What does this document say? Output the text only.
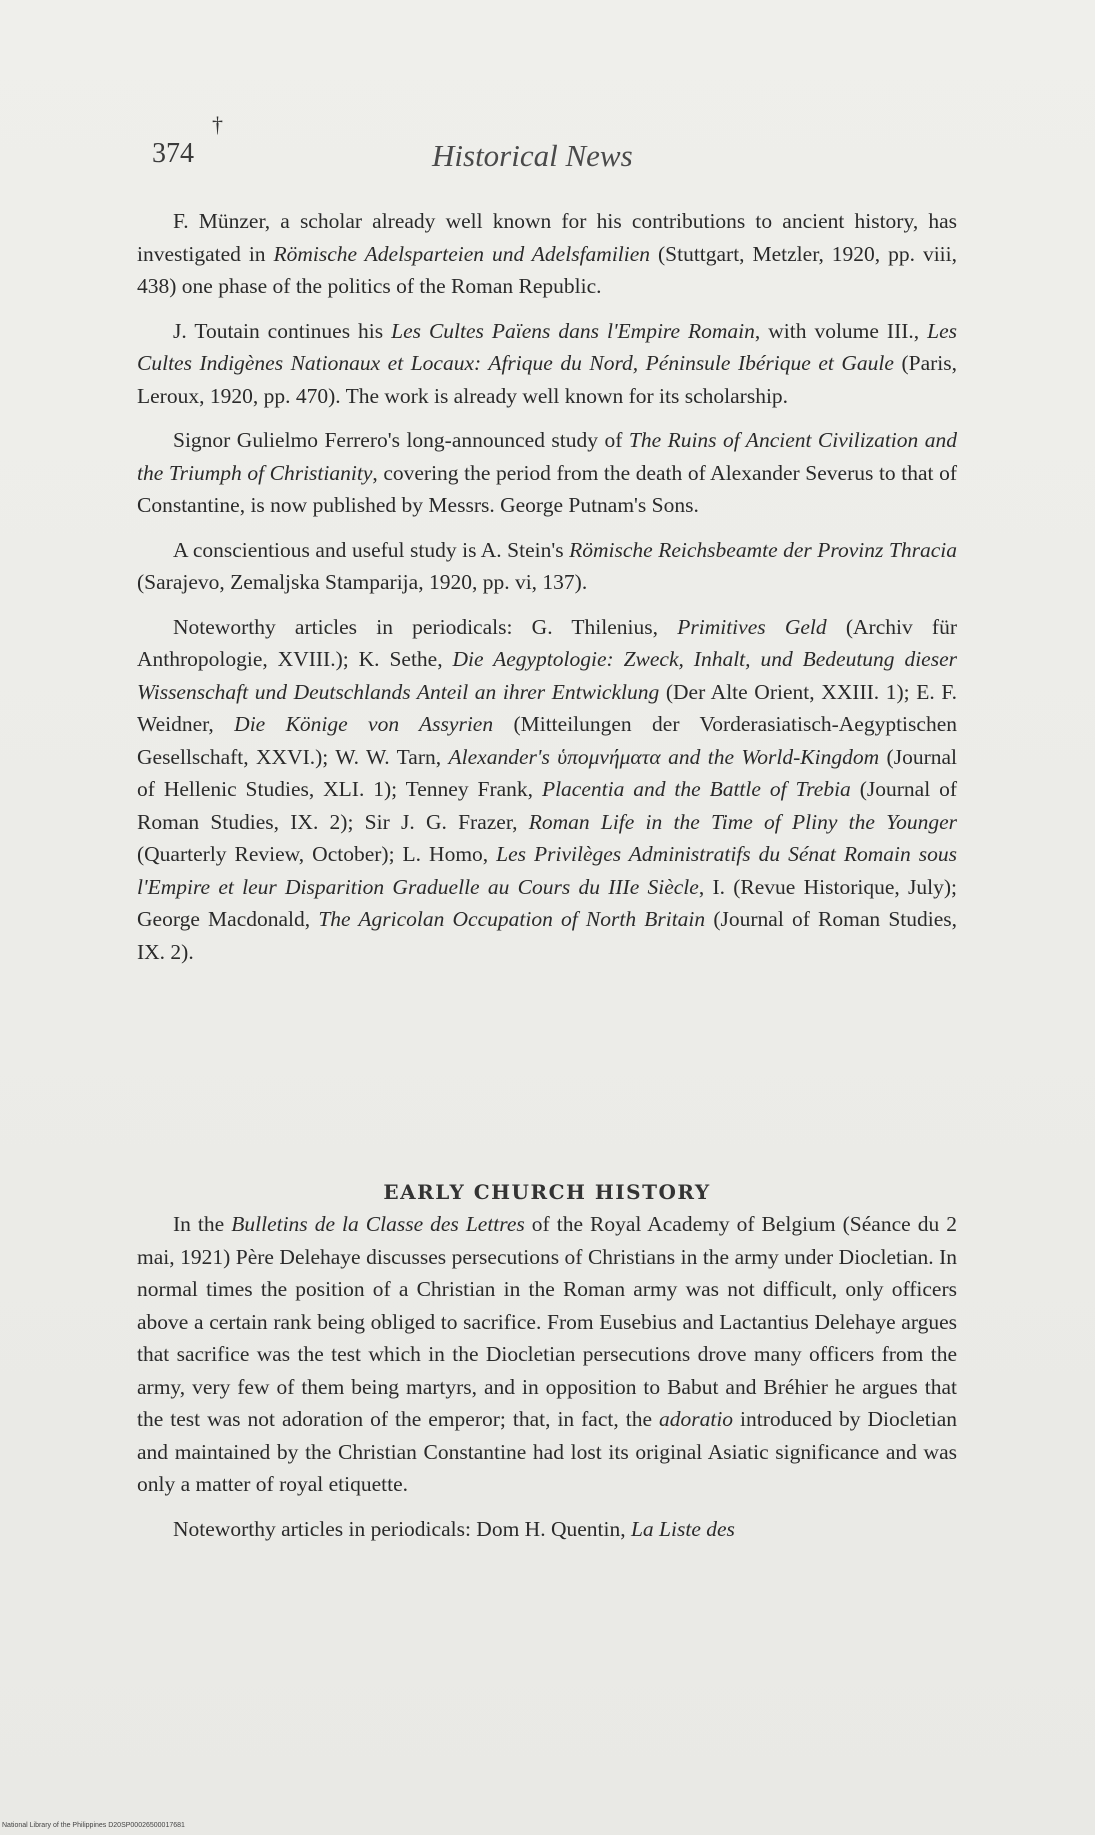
†
374	Historical News

F. Münzer, a scholar already well known for his contributions to ancient history, has investigated in Römische Adelsparteien und Adelsfamilien (Stuttgart, Metzler, 1920, pp. viii, 438) one phase of the politics of the Roman Republic.

J. Toutain continues his Les Cultes Païens dans l'Empire Romain, with volume III., Les Cultes Indigènes Nationaux et Locaux: Afrique du Nord, Péninsule Ibérique et Gaule (Paris, Leroux, 1920, pp. 470). The work is already well known for its scholarship.

Signor Gulielmo Ferrero's long-announced study of The Ruins of Ancient Civilization and the Triumph of Christianity, covering the period from the death of Alexander Severus to that of Constantine, is now published by Messrs. George Putnam's Sons.

A conscientious and useful study is A. Stein's Römische Reichsbeamte der Provinz Thracia (Sarajevo, Zemaljska Stamparija, 1920, pp. vi, 137).

Noteworthy articles in periodicals: G. Thilenius, Primitives Geld (Archiv für Anthropologie, XVIII.); K. Sethe, Die Aegyptologie: Zweck, Inhalt, und Bedeutung dieser Wissenschaft und Deutschlands Anteil an ihrer Entwicklung (Der Alte Orient, XXIII. 1); E. F. Weidner, Die Könige von Assyrien (Mitteilungen der Vorderasiatisch-Aegyptischen Gesellschaft, XXVI.); W. W. Tarn, Alexander's ὑπομνήματα and the World-Kingdom (Journal of Hellenic Studies, XLI. 1); Tenney Frank, Placentia and the Battle of Trebia (Journal of Roman Studies, IX. 2); Sir J. G. Frazer, Roman Life in the Time of Pliny the Younger (Quarterly Review, October); L. Homo, Les Privilèges Administratifs du Sénat Romain sous l'Empire et leur Disparition Graduelle au Cours du IIIe Siècle, I. (Revue Historique, July); George Macdonald, The Agricolan Occupation of North Britain (Journal of Roman Studies, IX. 2).

EARLY CHURCH HISTORY

In the Bulletins de la Classe des Lettres of the Royal Academy of Belgium (Séance du 2 mai, 1921) Père Delehaye discusses persecutions of Christians in the army under Diocletian. In normal times the position of a Christian in the Roman army was not difficult, only officers above a certain rank being obliged to sacrifice. From Eusebius and Lactantius Delehaye argues that sacrifice was the test which in the Diocletian persecutions drove many officers from the army, very few of them being martyrs, and in opposition to Babut and Bréhier he argues that the test was not adoration of the emperor; that, in fact, the adoratio introduced by Diocletian and maintained by the Christian Constantine had lost its original Asiatic significance and was only a matter of royal etiquette.

Noteworthy articles in periodicals: Dom H. Quentin, La Liste des

National Library of the Philippines D20SP00026500017681
